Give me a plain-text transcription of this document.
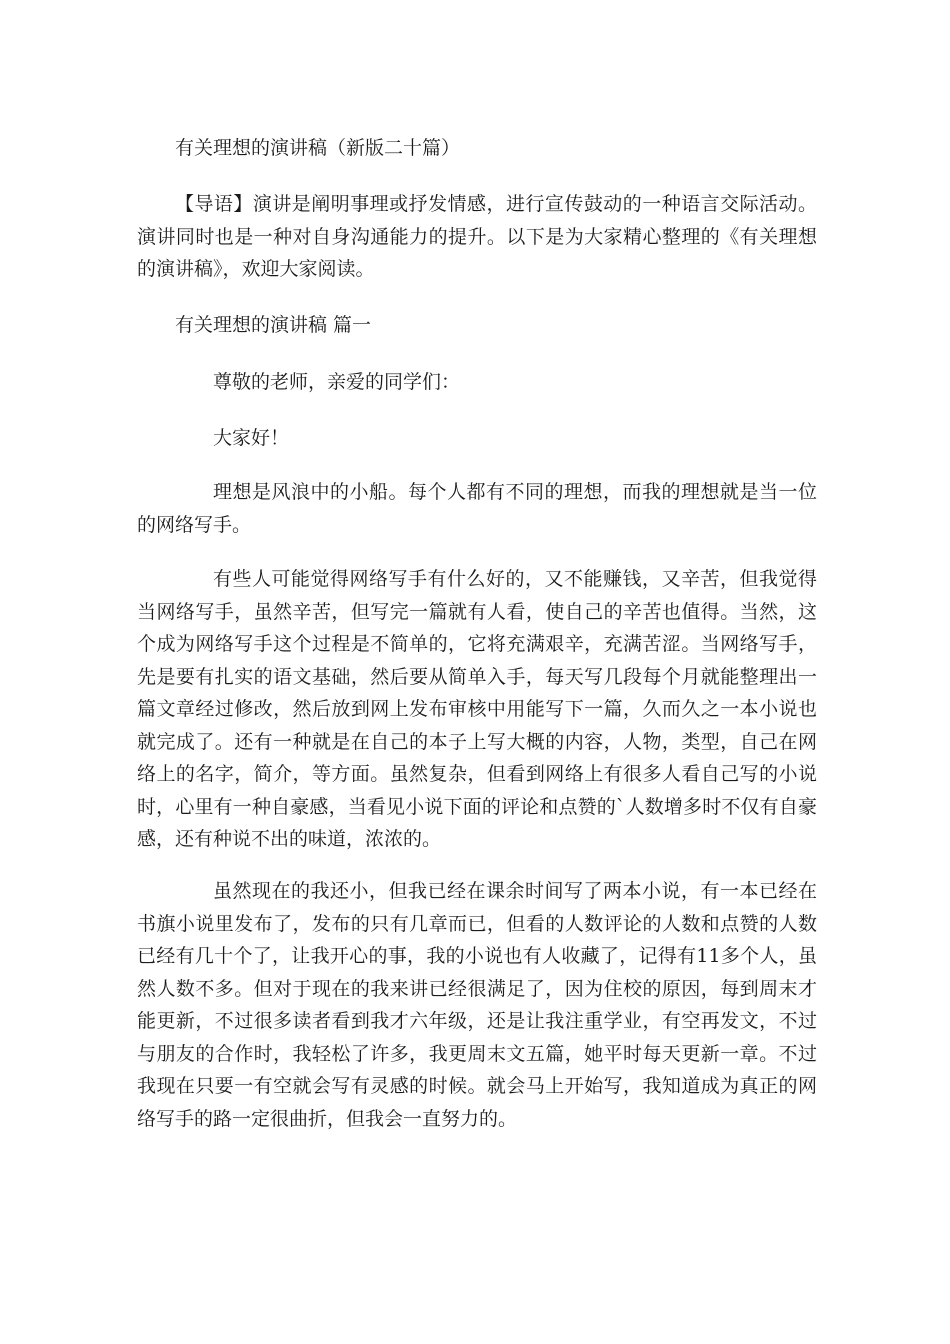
有关理想的演讲稿（新版二十篇）

【导语】演讲是阐明事理或抒发情感，进行宣传鼓动的一种语言交际活动。演讲同时也是一种对自身沟通能力的提升。以下是为大家精心整理的《有关理想的演讲稿》，欢迎大家阅读。

有关理想的演讲稿 篇一

尊敬的老师，亲爱的同学们：

大家好！

理想是风浪中的小船。每个人都有不同的理想，而我的理想就是当一位的网络写手。

有些人可能觉得网络写手有什么好的，又不能赚钱，又辛苦，但我觉得当网络写手，虽然辛苦，但写完一篇就有人看，使自己的辛苦也值得。当然，这个成为网络写手这个过程是不简单的，它将充满艰辛，充满苦涩。当网络写手，先是要有扎实的语文基础，然后要从简单入手，每天写几段每个月就能整理出一篇文章经过修改，然后放到网上发布审核中用能写下一篇，久而久之一本小说也就完成了。还有一种就是在自己的本子上写大概的内容，人物，类型，自己在网络上的名字，简介，等方面。虽然复杂，但看到网络上有很多人看自己写的小说时，心里有一种自豪感，当看见小说下面的评论和点赞的`人数增多时不仅有自豪感，还有种说不出的味道，浓浓的。

虽然现在的我还小，但我已经在课余时间写了两本小说，有一本已经在书旗小说里发布了，发布的只有几章而已，但看的人数评论的人数和点赞的人数已经有几十个了，让我开心的事，我的小说也有人收藏了，记得有11多个人，虽然人数不多。但对于现在的我来讲已经很满足了，因为住校的原因，每到周末才能更新，不过很多读者看到我才六年级，还是让我注重学业，有空再发文，不过与朋友的合作时，我轻松了许多，我更周末文五篇，她平时每天更新一章。不过我现在只要一有空就会写有灵感的时候。就会马上开始写，我知道成为真正的网络写手的路一定很曲折，但我会一直努力的。
